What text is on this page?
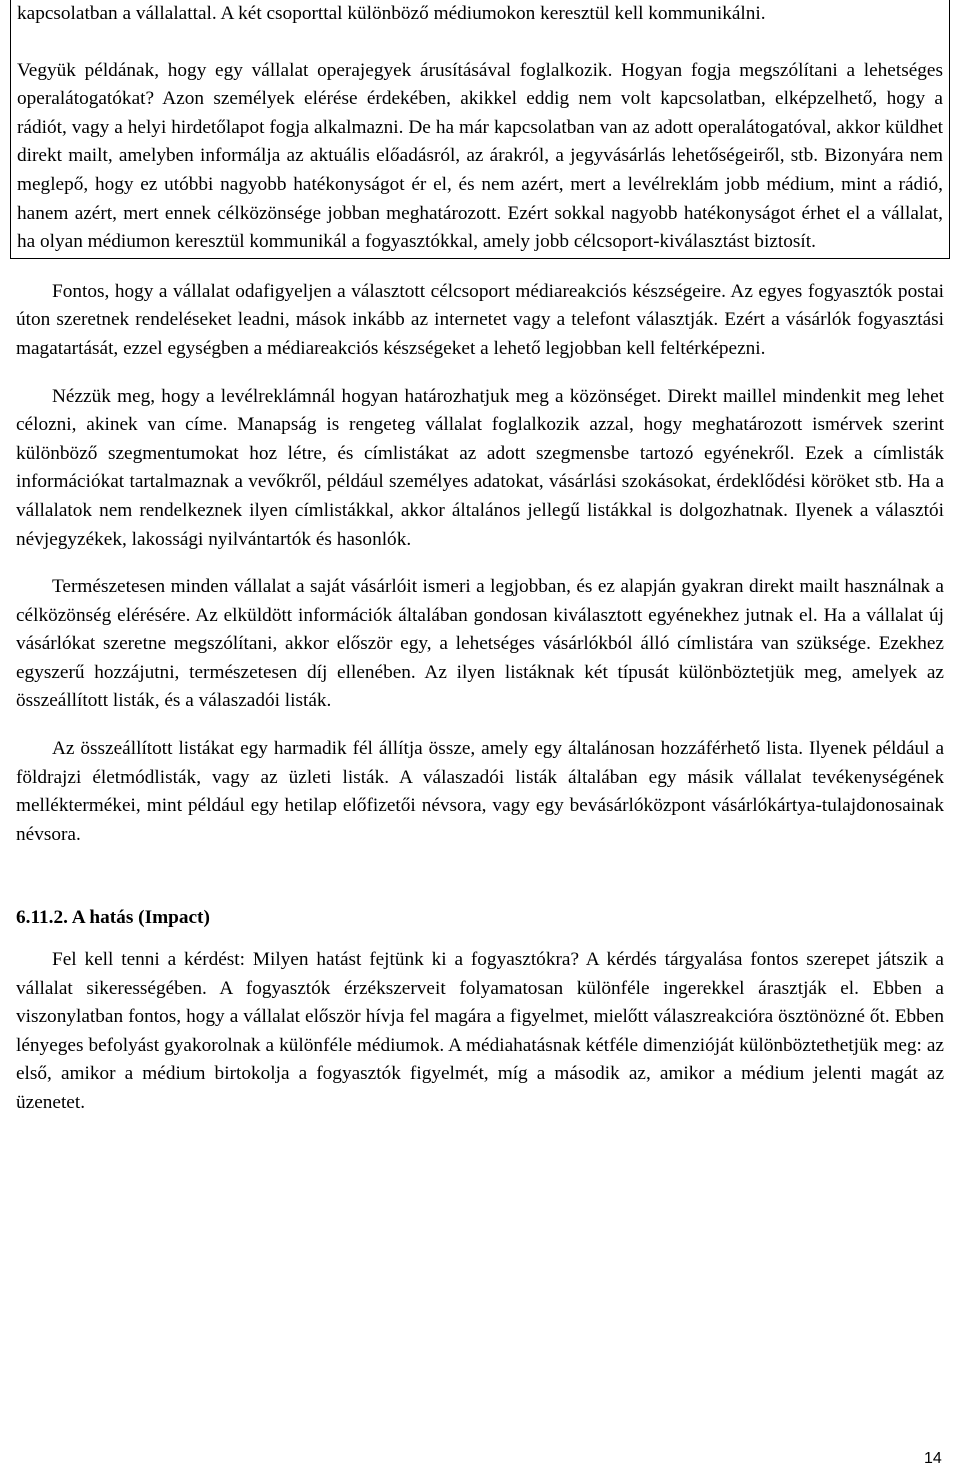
kapcsolatban a vállalattal. A két csoporttal különböző médiumokon keresztül kell kommunikálni.

Vegyük példának, hogy egy vállalat operajegyek árusításával foglalkozik. Hogyan fogja megszólítani a lehetséges operalátogatókat? Azon személyek elérése érdekében, akikkel eddig nem volt kapcsolatban, elképzelhető, hogy a rádiót, vagy a helyi hirdetőlapot fogja alkalmazni. De ha már kapcsolatban van az adott operalátogatóval, akkor küldhet direkt mailt, amelyben informálja az aktuális előadásról, az árakról, a jegyvásárlás lehetőségeiről, stb. Bizonyára nem meglepő, hogy ez utóbbi nagyobb hatékonyságot ér el, és nem azért, mert a levélreklám jobb médium, mint a rádió, hanem azért, mert ennek célközönsége jobban meghatározott. Ezért sokkal nagyobb hatékonyságot érhet el a vállalat, ha olyan médiumon keresztül kommunikál a fogyasztókkal, amely jobb célcsoport-kiválasztást biztosít.

Fontos, hogy a vállalat odafigyeljen a választott célcsoport médiareakciós készségeire. Az egyes fogyasztók postai úton szeretnek rendeléseket leadni, mások inkább az internetet vagy a telefont választják. Ezért a vásárlók fogyasztási magatartását, ezzel egységben a médiareakciós készségeket a lehető legjobban kell feltérképezni.

Nézzük meg, hogy a levélreklámnál hogyan határozhatjuk meg a közönséget. Direkt maillel mindenkit meg lehet célozni, akinek van címe. Manapság is rengeteg vállalat foglalkozik azzal, hogy meghatározott ismérvek szerint különböző szegmentumokat hoz létre, és címlistákat az adott szegmensbe tartozó egyénekről. Ezek a címlisták információkat tartalmaznak a vevőkről, például személyes adatokat, vásárlási szokásokat, érdeklődési köröket stb. Ha a vállalatok nem rendelkeznek ilyen címlistákkal, akkor általános jellegű listákkal is dolgozhatnak. Ilyenek a választói névjegyzékek, lakossági nyilvántartók és hasonlók.

Természetesen minden vállalat a saját vásárlóit ismeri a legjobban, és ez alapján gyakran direkt mailt használnak a célközönség elérésére. Az elküldött információk általában gondosan kiválasztott egyénekhez jutnak el. Ha a vállalat új vásárlókat szeretne megszólítani, akkor először egy, a lehetséges vásárlókból álló címlistára van szüksége. Ezekhez egyszerű hozzájutni, természetesen díj ellenében. Az ilyen listáknak két típusát különböztetjük meg, amelyek az összeállított listák, és a válaszadói listák.

Az összeállított listákat egy harmadik fél állítja össze, amely egy általánosan hozzáférhető lista. Ilyenek például a földrajzi életmódlisták, vagy az üzleti listák. A válaszadói listák általában egy másik vállalat tevékenységének melléktermékei, mint például egy hetilap előfizetői névsora, vagy egy bevásárlóközpont vásárlókártya-tulajdonosainak névsora.

6.11.2. A hatás (Impact)

Fel kell tenni a kérdést: Milyen hatást fejtünk ki a fogyasztókra? A kérdés tárgyalása fontos szerepet játszik a vállalat sikerességében. A fogyasztók érzékszerveit folyamatosan különféle ingerekkel árasztják el. Ebben a viszonylatban fontos, hogy a vállalat először hívja fel magára a figyelmet, mielőtt válaszreakcióra ösztönözné őt. Ebben lényeges befolyást gyakorolnak a különféle médiumok. A médiahatásnak kétféle dimenzióját különböztethetjük meg: az első, amikor a médium birtokolja a fogyasztók figyelmét, míg a második az, amikor a médium jelenti magát az üzenetet.

14
